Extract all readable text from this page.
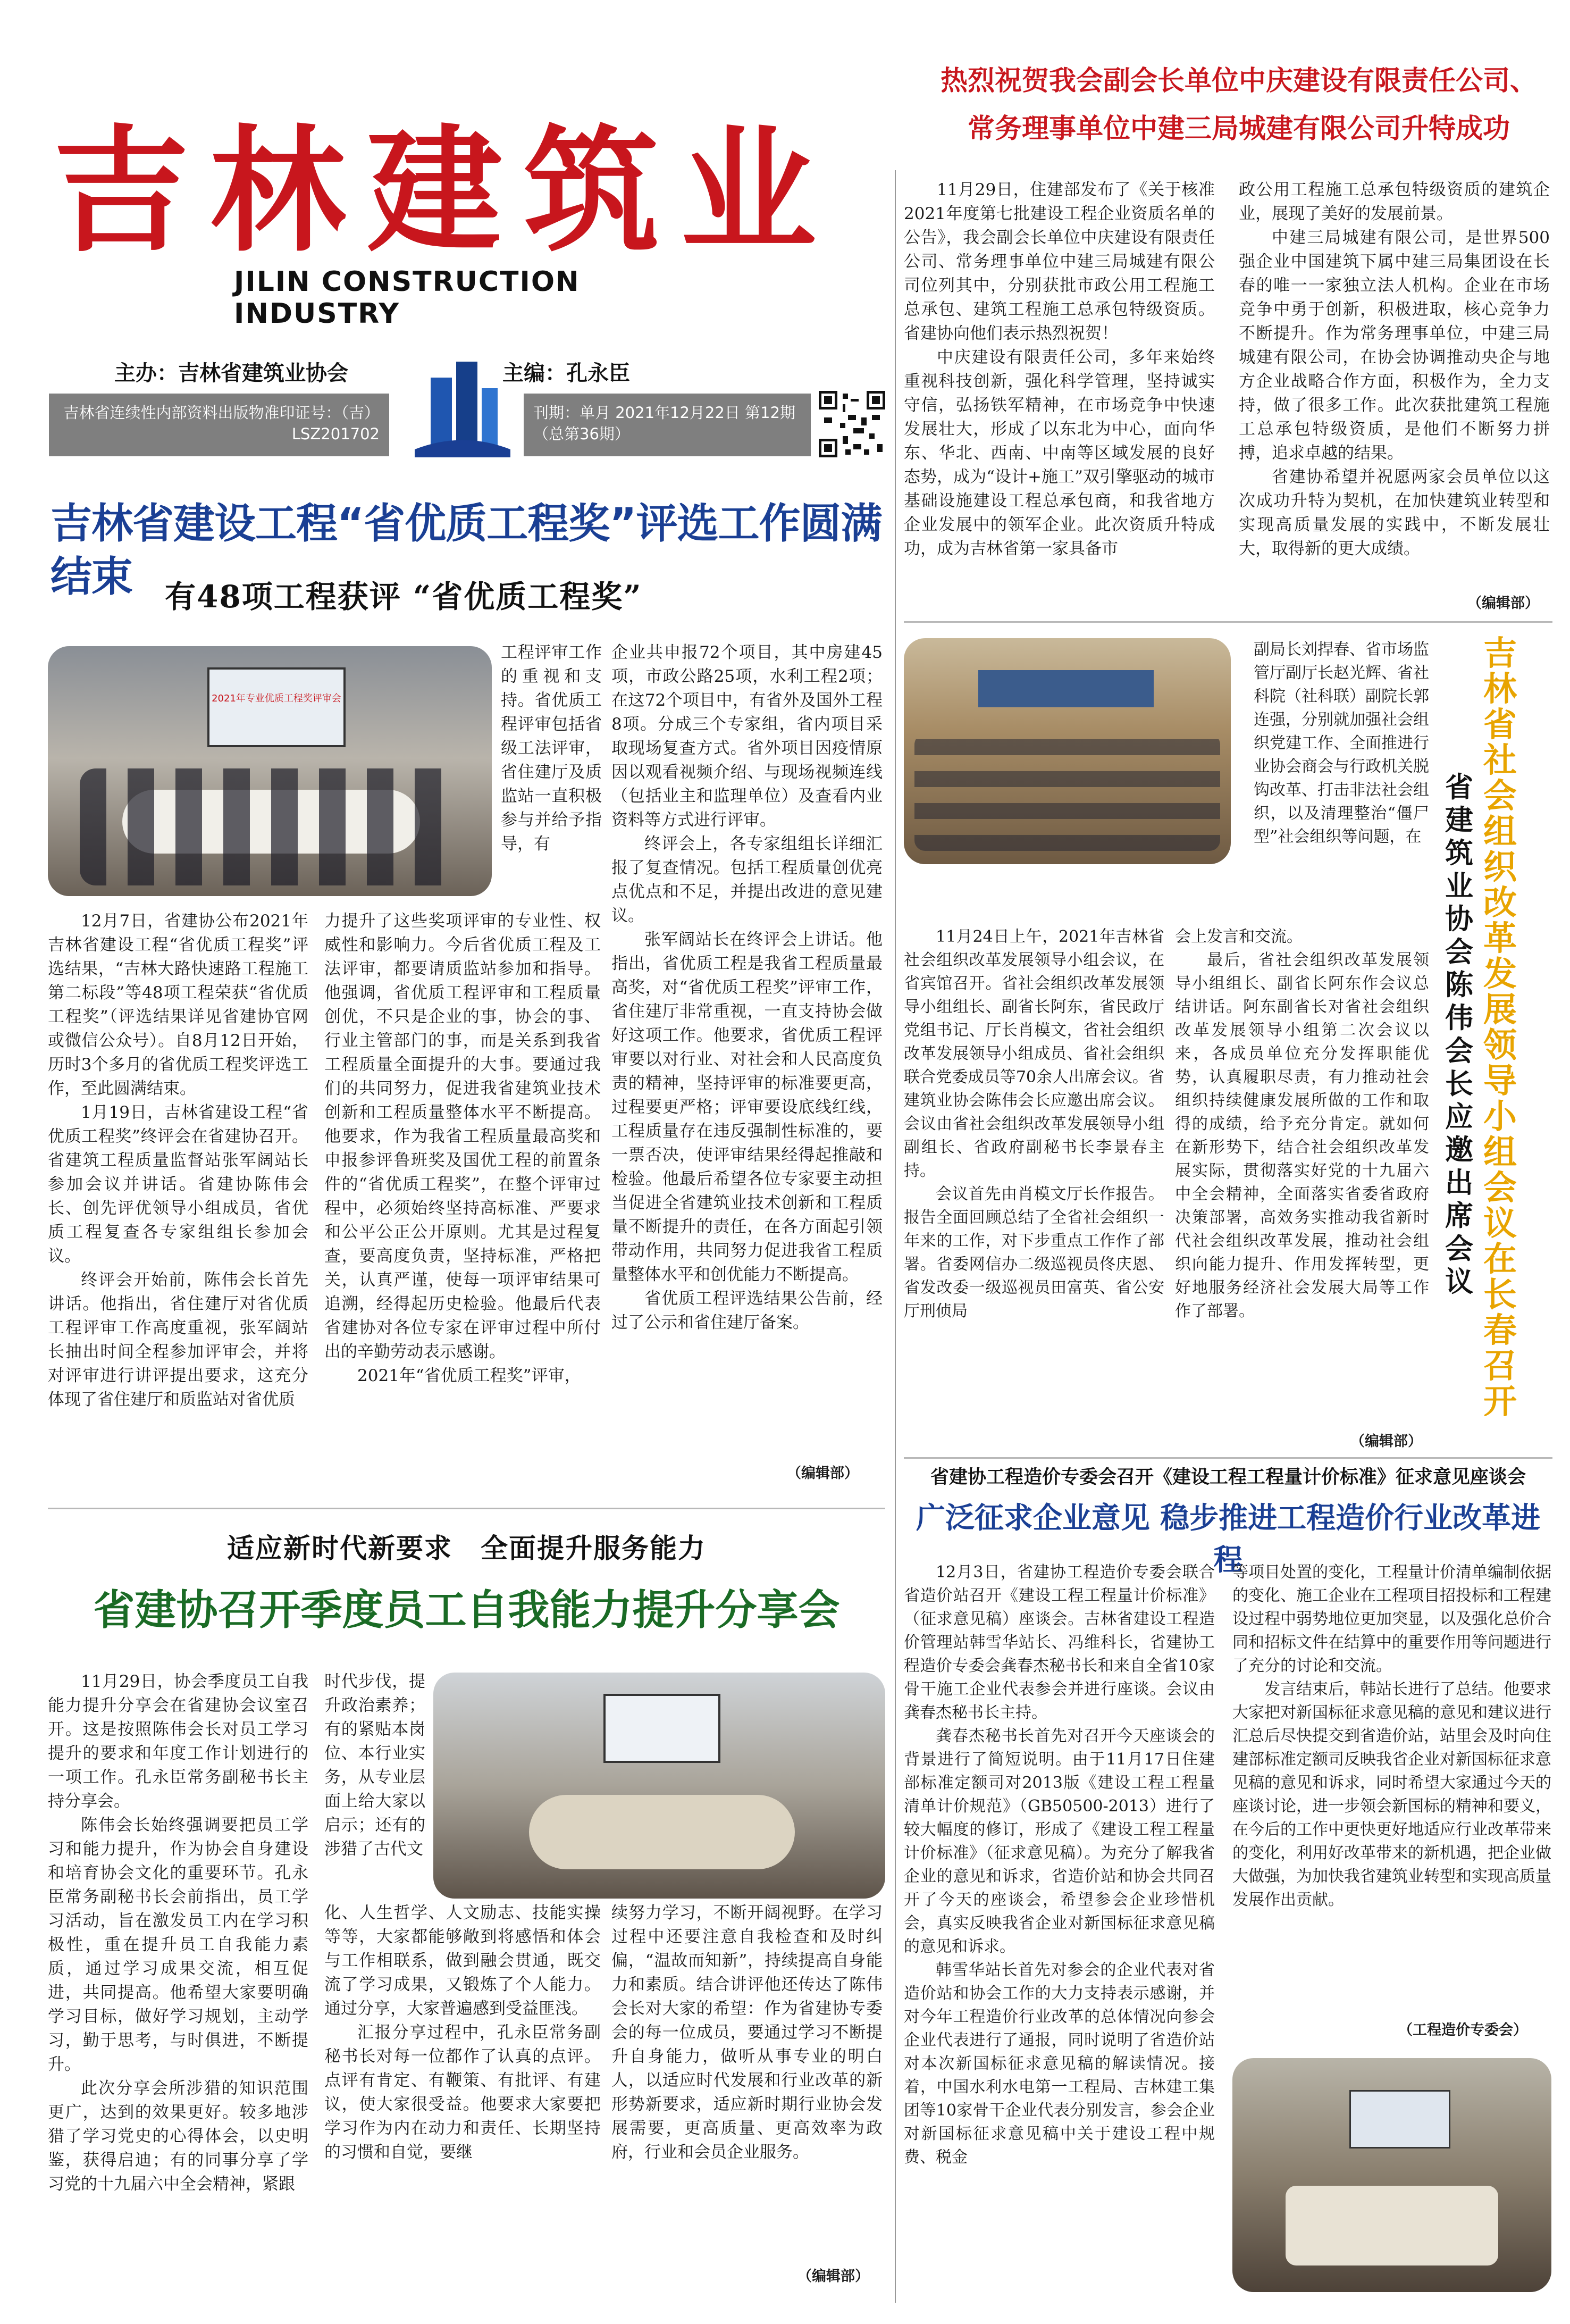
吉林建筑业
JILIN CONSTRUCTION INDUSTRY
主办：吉林省建筑业协会	主编：孔永臣
吉林省连续性内部资料出版物准印证号：（吉）LSZ201702
刊期：单月 2021年12月22日 第12期（总第36期）
吉林省建设工程“省优质工程奖”评选工作圆满结束	有48项工程获评 “省优质工程奖”
2021年专业优质工程奖评审会

工程评审工作的重视和支持。省优质工程评审包括省级工法评审，省住建厅及质监站一直积极参与并给予指导，有

12月7日，省建协公布2021年吉林省建设工程“省优质工程奖”评选结果，“吉林大路快速路工程施工第二标段”等48项工程荣获“省优质工程奖”（评选结果详见省建协官网或微信公众号）。自8月12日开始，历时3个多月的省优质工程奖评选工作，至此圆满结束。

1月19日，吉林省建设工程“省优质工程奖”终评会在省建协召开。省建筑工程质量监督站张军阔站长参加会议并讲话。省建协陈伟会长、创先评优领导小组成员，省优质工程复查各专家组组长参加会议。

终评会开始前，陈伟会长首先讲话。他指出，省住建厅对省优质工程评审工作高度重视，张军阔站长抽出时间全程参加评审会，并将对评审进行讲评提出要求，这充分体现了省住建厅和质监站对省优质

力提升了这些奖项评审的专业性、权威性和影响力。今后省优质工程及工法评审，都要请质监站参加和指导。他强调，省优质工程评审和工程质量创优，不只是企业的事，协会的事、行业主管部门的事，而是关系到我省工程质量全面提升的大事。要通过我们的共同努力，促进我省建筑业技术创新和工程质量整体水平不断提高。他要求，作为我省工程质量最高奖和申报参评鲁班奖及国优工程的前置条件的“省优质工程奖”，在整个评审过程中，必须始终坚持高标准、严要求和公平公正公开原则。尤其是过程复查，要高度负责，坚持标准，严格把关，认真严谨，使每一项评审结果可追溯，经得起历史检验。他最后代表省建协对各位专家在评审过程中所付出的辛勤劳动表示感谢。

2021年“省优质工程奖”评审，

企业共申报72个项目，其中房建45项，市政公路25项，水利工程2项；在这72个项目中，有省外及国外工程8项。分成三个专家组，省内项目采取现场复查方式。省外项目因疫情原因以观看视频介绍、与现场视频连线（包括业主和监理单位）及查看内业资料等方式进行评审。

终评会上，各专家组组长详细汇报了复查情况。包括工程质量创优亮点优点和不足，并提出改进的意见建议。

张军阔站长在终评会上讲话。他指出，省优质工程是我省工程质量最高奖，对“省优质工程奖”评审工作，省住建厅非常重视，一直支持协会做好这项工作。他要求，省优质工程评审要以对行业、对社会和人民高度负责的精神，坚持评审的标准要更高，过程要更严格；评审要设底线红线，工程质量存在违反强制性标准的，要一票否决，使评审结果经得起推敲和检验。他最后希望各位专家要主动担当促进全省建筑业技术创新和工程质量不断提升的责任，在各方面起引领带动作用，共同努力促进我省工程质量整体水平和创优能力不断提高。

省优质工程评选结果公告前，经过了公示和省住建厅备案。

（编辑部）
热烈祝贺我会副会长单位中庆建设有限责任公司、
常务理事单位中建三局城建有限公司升特成功

11月29日，住建部发布了《关于核准2021年度第七批建设工程企业资质名单的公告》，我会副会长单位中庆建设有限责任公司、常务理事单位中建三局城建有限公司位列其中，分别获批市政公用工程施工总承包、建筑工程施工总承包特级资质。省建协向他们表示热烈祝贺！

中庆建设有限责任公司，多年来始终重视科技创新，强化科学管理，坚持诚实守信，弘扬铁军精神，在市场竞争中快速发展壮大，形成了以东北为中心，面向华东、华北、西南、中南等区域发展的良好态势，成为“设计+施工”双引擎驱动的城市基础设施建设工程总承包商，和我省地方企业发展中的领军企业。此次资质升特成功，成为吉林省第一家具备市

政公用工程施工总承包特级资质的建筑企业，展现了美好的发展前景。

中建三局城建有限公司，是世界500强企业中国建筑下属中建三局集团设在长春的唯一一家独立法人机构。企业在市场竞争中勇于创新，积极进取，核心竞争力不断提升。作为常务理事单位，中建三局城建有限公司，在协会协调推动央企与地方企业战略合作方面，积极作为，全力支持，做了很多工作。此次获批建筑工程施工总承包特级资质，是他们不断努力拼搏，追求卓越的结果。

省建协希望并祝愿两家会员单位以这次成功升特为契机，在加快建筑业转型和实现高质量发展的实践中，不断发展壮大，取得新的更大成绩。

（编辑部）

副局长刘捍春、省市场监管厅副厅长赵光辉、省社科院（社科联）副院长郭连强，分别就加强社会组织党建工作、全面推进行业协会商会与行政机关脱钩改革、打击非法社会组织，以及清理整治“僵尸型”社会组织等问题，在

11月24日上午，2021年吉林省社会组织改革发展领导小组会议，在省宾馆召开。省社会组织改革发展领导小组组长、副省长阿东，省民政厅党组书记、厅长肖模文，省社会组织改革发展领导小组成员、省社会组织联合党委成员等70余人出席会议。省建筑业协会陈伟会长应邀出席会议。会议由省社会组织改革发展领导小组副组长、省政府副秘书长李景春主持。

会议首先由肖模文厅长作报告。报告全面回顾总结了全省社会组织一年来的工作，对下步重点工作作了部署。省委网信办二级巡视员佟庆恩、省发改委一级巡视员田富英、省公安厅刑侦局

会上发言和交流。

最后，省社会组织改革发展领导小组组长、副省长阿东作会议总结讲话。阿东副省长对省社会组织改革发展领导小组第二次会议以来，各成员单位充分发挥职能优势，认真履职尽责，有力推动社会组织持续健康发展所做的工作和取得的成绩，给予充分肯定。就如何在新形势下，结合社会组织改革发展实际，贯彻落实好党的十九届六中全会精神，全面落实省委省政府决策部署，高效务实推动我省新时代社会组织改革发展，推动社会组织向能力提升、作用发挥转型，更好地服务经济社会发展大局等工作作了部署。

（编辑部）
省建筑业协会陈伟会长应邀出席会议
吉林省社会组织改革发展领导小组会议在长春召开
省建协工程造价专委会召开《建设工程工程量计价标准》征求意见座谈会
广泛征求企业意见 稳步推进工程造价行业改革进程

12月3日，省建协工程造价专委会联合省造价站召开《建设工程工程量计价标准》（征求意见稿）座谈会。吉林省建设工程造价管理站韩雪华站长、冯维科长，省建协工程造价专委会龚春杰秘书长和来自全省10家骨干施工企业代表参会并进行座谈。会议由龚春杰秘书长主持。

龚春杰秘书长首先对召开今天座谈会的背景进行了简短说明。由于11月17日住建部标准定额司对2013版《建设工程工程量清单计价规范》（GB50500-2013）进行了较大幅度的修订，形成了《建设工程工程量计价标准》（征求意见稿）。为充分了解我省企业的意见和诉求，省造价站和协会共同召开了今天的座谈会，希望参会企业珍惜机会，真实反映我省企业对新国标征求意见稿的意见和诉求。

韩雪华站长首先对参会的企业代表对省造价站和协会工作的大力支持表示感谢，并对今年工程造价行业改革的总体情况向参会企业代表进行了通报，同时说明了省造价站对本次新国标征求意见稿的解读情况。接着，中国水利水电第一工程局、吉林建工集团等10家骨干企业代表分别发言，参会企业对新国标征求意见稿中关于建设工程中规费、税金

等项目处置的变化，工程量计价清单编制依据的变化、施工企业在工程项目招投标和工程建设过程中弱势地位更加突显，以及强化总价合同和招标文件在结算中的重要作用等问题进行了充分的讨论和交流。

发言结束后，韩站长进行了总结。他要求大家把对新国标征求意见稿的意见和建议进行汇总后尽快提交到省造价站，站里会及时向住建部标准定额司反映我省企业对新国标征求意见稿的意见和诉求，同时希望大家通过今天的座谈讨论，进一步领会新国标的精神和要义，在今后的工作中更快更好地适应行业改革带来的变化，利用好改革带来的新机遇，把企业做大做强，为加快我省建筑业转型和实现高质量发展作出贡献。

（工程造价专委会）
适应新时代新要求　全面提升服务能力
省建协召开季度员工自我能力提升分享会

11月29日，协会季度员工自我能力提升分享会在省建协会议室召开。这是按照陈伟会长对员工学习提升的要求和年度工作计划进行的一项工作。孔永臣常务副秘书长主持分享会。

陈伟会长始终强调要把员工学习和能力提升，作为协会自身建设和培育协会文化的重要环节。孔永臣常务副秘书长会前指出，员工学习活动，旨在激发员工内在学习积极性，重在提升员工自我能力素质，通过学习成果交流，相互促进，共同提高。他希望大家要明确学习目标，做好学习规划，主动学习，勤于思考，与时俱进，不断提升。

此次分享会所涉猎的知识范围更广，达到的效果更好。较多地涉猎了学习党史的心得体会，以史明鉴，获得启迪；有的同事分享了学习党的十九届六中全会精神，紧跟

时代步伐，提升政治素养；有的紧贴本岗位、本行业实务，从专业层面上给大家以启示；还有的涉猎了古代文

化、人生哲学、人文励志、技能实操等等，大家都能够敞到将感悟和体会与工作相联系，做到融会贯通，既交流了学习成果，又锻炼了个人能力。通过分享，大家普遍感到受益匪浅。

汇报分享过程中，孔永臣常务副秘书长对每一位都作了认真的点评。点评有肯定、有鞭策、有批评、有建议，使大家很受益。他要求大家要把学习作为内在动力和责任、长期坚持的习惯和自觉，要继

续努力学习，不断开阔视野。在学习过程中还要注意自我检查和及时纠偏，“温故而知新”，持续提高自身能力和素质。结合讲评他还传达了陈伟会长对大家的希望：作为省建协专委会的每一位成员，要通过学习不断提升自身能力，做听从事专业的明白人，以适应时代发展和行业改革的新形势新要求，适应新时期行业协会发展需要，更高质量、更高效率为政府，行业和会员企业服务。

（编辑部）
